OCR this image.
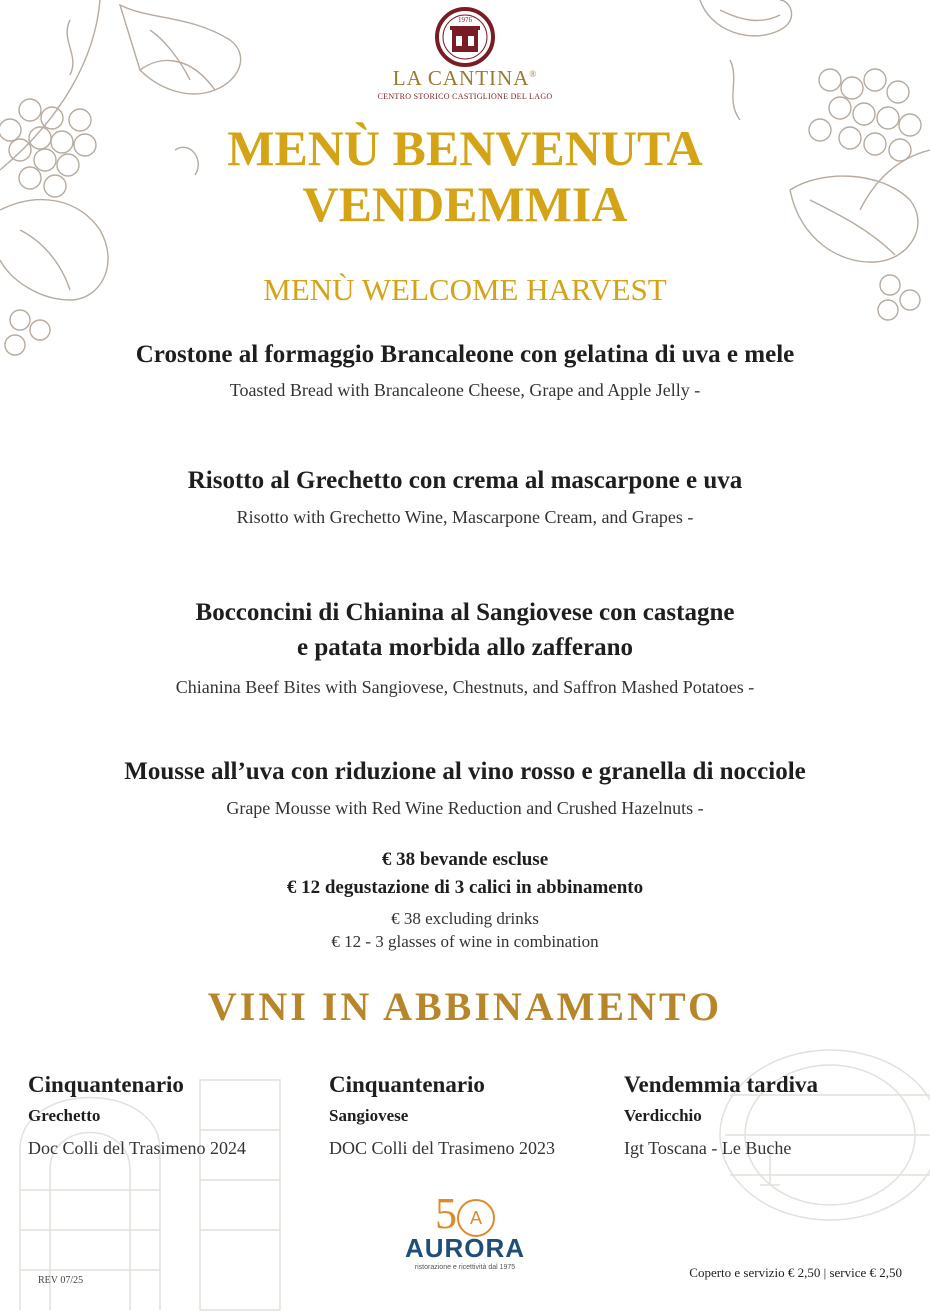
1976
LA CANTINA®
CENTRO STORICO CASTIGLIONE DEL LAGO
MENÙ BENVENUTA
VENDEMMIA
MENÙ WELCOME HARVEST
Crostone al formaggio Brancaleone con gelatina di uva e mele
Toasted Bread with Brancaleone Cheese, Grape and Apple Jelly -
Risotto al Grechetto con crema al mascarpone e uva
Risotto with Grechetto Wine, Mascarpone Cream, and Grapes -
Bocconcini di Chianina al Sangiovese con castagne
e patata morbida allo zafferano
Chianina Beef Bites with Sangiovese, Chestnuts, and Saffron Mashed Potatoes -
Mousse all’uva con riduzione al vino rosso e granella di nocciole
Grape Mousse with Red Wine Reduction and Crushed Hazelnuts -
€ 38 bevande escluse
€ 12 degustazione di 3 calici in abbinamento
€ 38 excluding drinks
€ 12 - 3 glasses of wine in combination
VINI IN ABBINAMENTO
Cinquantenario
Grechetto
Doc Colli del Trasimeno 2024
Cinquantenario
Sangiovese
DOC Colli del Trasimeno 2023
Vendemmia tardiva
Verdicchio
Igt Toscana - Le Buche
5 A
AURORA
ristorazione e ricettività dal 1975
REV 07/25
Coperto e servizio € 2,50 | service € 2,50
